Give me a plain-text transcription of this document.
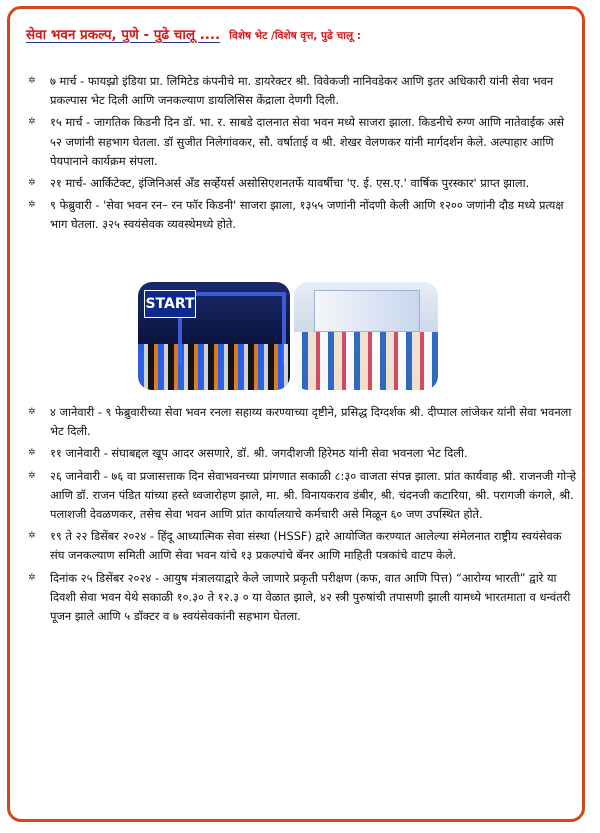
सेवा भवन प्रकल्प, पुणे - पुढे चालू .... विशेष भेट /विशेष वृत्त, पुढे चालू :
✲ ७ मार्च - फायझ्रो इंडिया प्रा. लिमिटेड कंपनीचे मा. डायरेक्टर श्री. विवेकजी नानिवडेकर आणि इतर अधिकारी यांनी सेवा भवन प्रकल्पास भेट दिली आणि जनकल्याण डायलिसिस केंद्राला देणगी दिली.
✲ १५ मार्च - जागतिक किडनी दिन डॉ. भा. र. साबडे दालनात सेवा भवन मध्ये साजरा झाला. किडनीचे रुग्ण आणि नातेवाईक असे ५२ जणांनी सहभाग घेतला. डॉ सुजीत निलेगांवकर, सौ. वर्षाताई व श्री. शेखर वेलणकर यांनी मार्गदर्शन केले. अल्पाहार आणि पेयपानाने कार्यक्रम संपला.
✲ २१ मार्च- आर्किटेक्ट, इंजिनिअर्स अँड सर्व्हेयर्स असोसिएशनतर्फे यावर्षीचा 'ए. ई. एस.ए.' वार्षिक पुरस्कार' प्राप्त झाला.
✲ ९ फेब्रुवारी - 'सेवा भवन रन– रन फॉर किडनी' साजरा झाला, १३५५ जणांनी नोंदणी केली आणि १२०० जणांनी दौड मध्ये प्रत्यक्ष भाग घेतला. ३२५ स्वयंसेवक व्यवस्थेमध्ये होते.
START
✲ ४ जानेवारी - ९ फेब्रुवारीच्या सेवा भवन रनला सहाय्य करण्याच्या दृष्टीने, प्रसिद्ध दिग्दर्शक श्री. दीप्पाल लांजेकर यांनी सेवा भवनला भेट दिली.
✲ ११ जानेवारी - संघाबद्दल खूप आदर असणारे, डॉ. श्री. जगदीशजी हिरेमठ यांनी सेवा भवनला भेट दिली.
✲ २६ जानेवारी - ७६ वा प्रजासत्ताक दिन सेवाभवनच्या प्रांगणात सकाळी ८:३० वाजता संपन्न झाला. प्रांत कार्यवाह श्री. राजनजी गोऱ्हे आणि डॉ. राजन पंडित यांच्या हस्ते ध्वजारोहण झाले, मा. श्री. विनायकराव डंबीर, श्री. चंदनजी कटारिया, श्री. परागजी कंगले, श्री. पलाशजी देवळणकर, तसेच सेवा भवन आणि प्रांत कार्यालयाचे कर्मचारी असे मिळून ६० जण उपस्थित होते.
✲ १९ ते २२ डिसेंबर २०२४ - हिंदू आध्यात्मिक सेवा संस्था (HSSF) द्वारे आयोजित करण्यात आलेल्या संमेलनात राष्ट्रीय स्वयंसेवक संघ जनकल्याण समिती आणि सेवा भवन यांचे १३ प्रकल्पांचे बॅनर आणि माहिती पत्रकांचे वाटप केले.
✲ दिनांक २५ डिसेंबर २०२४ - आयुष मंत्रालयाद्वारे केले जाणारे प्रकृती परीक्षण (कफ, वात आणि पित्त) “आरोग्य भारती” द्वारे या दिवशी सेवा भवन येथे सकाळी १०.३० ते १२.३ ० या वेळात झाले, ४२ स्त्री पुरुषांची तपासणी झाली यामध्ये भारतमाता व धन्वंतरी पूजन झाले आणि ५ डॉक्टर व ७ स्वयंसेवकांनी सहभाग घेतला.
